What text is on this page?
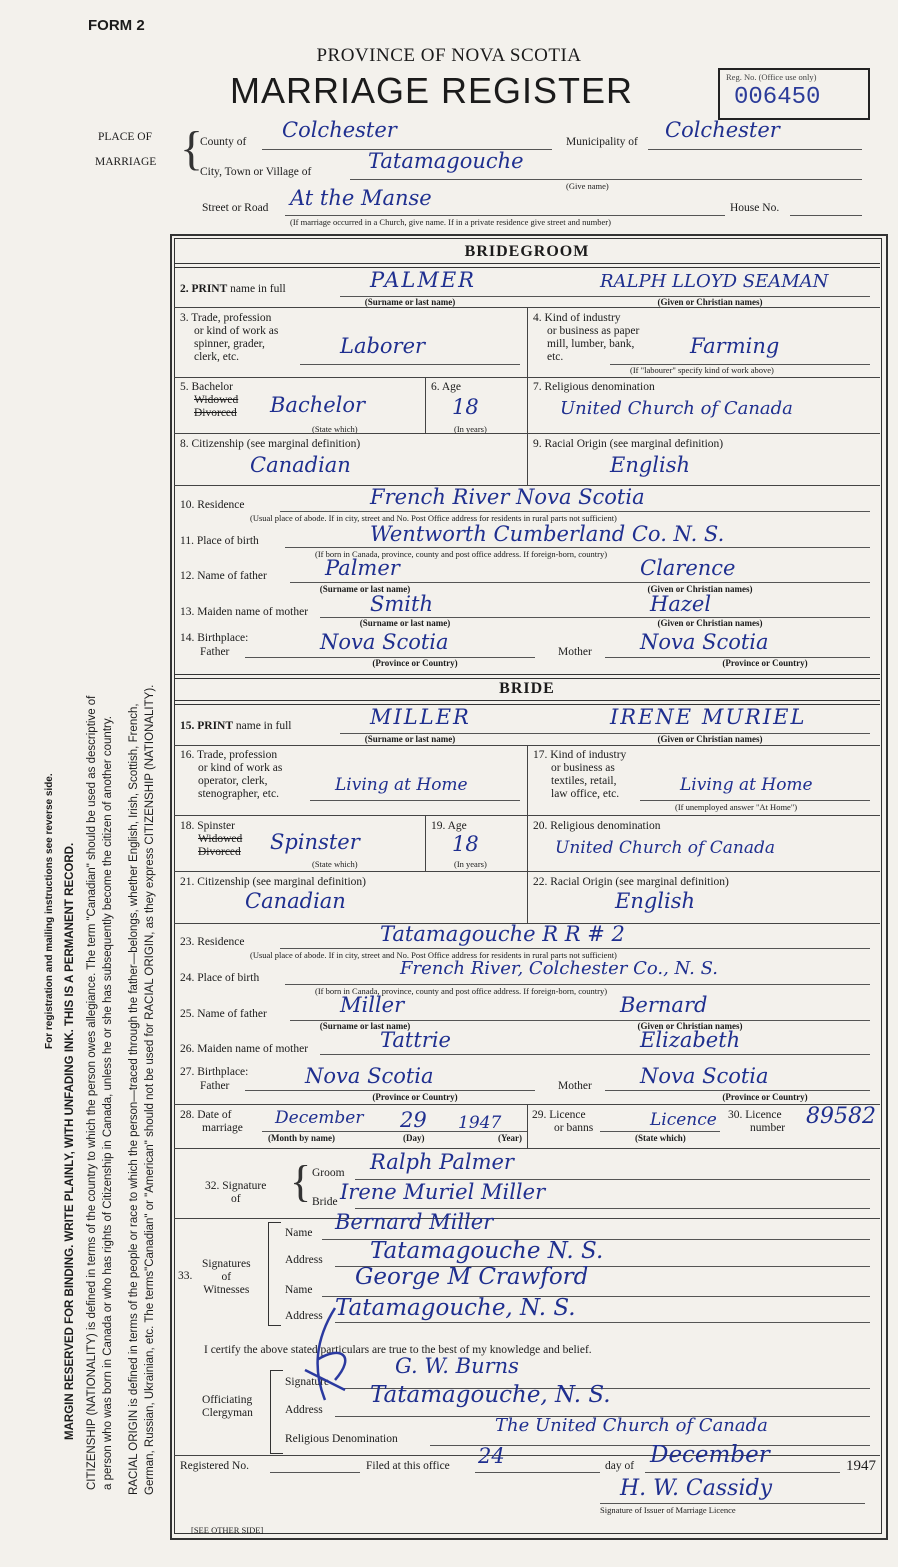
FORM 2
PROVINCE OF NOVA SCOTIA
MARRIAGE REGISTER	Reg. No. (Office use only)
006450
PLACE OF
MARRIAGE {
County of Colchester	Municipality of Colchester
City, Town or Village of	Tatamagouche
(Give name)
Street or Road At the Manse	House No.
(If marriage occurred in a Church, give name. If in a private residence give street and number)
For registration and mailing instructions see reverse side. MARGIN RESERVED FOR BINDING. WRITE PLAINLY, WITH UNFADING INK. THIS IS A PERMANENT RECORD. CITIZENSHIP (NATIONALITY) is defined in terms of the country to which the person owes allegiance. The term "Canadian" should be used as descriptive of a person who was born in Canada or who has rights of Citizenship in Canada, unless he or she has subsequently become the citizen of another country. RACIAL ORIGIN is defined in terms of the people or race to which the person—traced through the father—belongs, whether English, Irish, Scottish, French, German, Russian, Ukrainian, etc. The terms"Canadian" or "American" should not be used for RACIAL ORIGIN, as they express CITIZENSHIP (NATIONALITY).
BRIDEGROOM
2. PRINT name in full	PALMER	RALPH LLOYD SEAMAN
(Surname or last name)	(Given or Christian names)
3. Trade, profession
or kind of work as
spinner, grader,
clerk, etc.	Laborer
4. Kind of industry
or business as paper
mill, lumber, bank,
etc.	Farming
(If "labourer" specify kind of work above)
5. Bachelor
Widowed
Divorced Bachelor
(State which)
6. Age
18
(In years)
7. Religious denomination
United Church of Canada
8. Citizenship (see marginal definition)
Canadian
9. Racial Origin (see marginal definition)
English
10. Residence	French River Nova Scotia
(Usual place of abode. If in city, street and No. Post Office address for residents in rural parts not sufficient)
11. Place of birth	Wentworth Cumberland Co. N. S.
(If born in Canada, province, county and post office address. If foreign-born, country)
12. Name of father	Palmer	Clarence
(Surname or last name)	(Given or Christian names)
13. Maiden name of mother	Smith	Hazel
(Surname or last name)	(Given or Christian names)
14. Birthplace:
Father	Nova Scotia	Mother Nova Scotia
(Province or Country)	(Province or Country)
BRIDE
15. PRINT name in full	MILLER	IRENE MURIEL
(Surname or last name)	(Given or Christian names)
16. Trade, profession
or kind of work as
operator, clerk,
stenographer, etc.	Living at Home
17. Kind of industry
or business as
textiles, retail,
law office, etc.	Living at Home
(If unemployed answer "At Home")
18. Spinster
Widowed
Divorced Spinster
(State which)
19. Age
18
(In years)
20. Religious denomination
United Church of Canada
21. Citizenship (see marginal definition)
Canadian
22. Racial Origin (see marginal definition)
English
23. Residence	Tatamagouche R R # 2
(Usual place of abode. If in city, street and No. Post Office address for residents in rural parts not sufficient)
24. Place of birth	French River, Colchester Co., N. S.
(If born in Canada, province, county and post office address. If foreign-born, country)
25. Name of father	Miller	Bernard
(Surname or last name)	(Given or Christian names)
26. Maiden name of mother	Tattrie	Elizabeth
27. Birthplace:
Father	Nova Scotia	Mother Nova Scotia
(Province or Country)	(Province or Country)
28. Date of
marriage December 29 1947
(Month by name)	(Day)	(Year)
29. Licence
or banns	Licence
(State which)
30. Licence
number 89582
32. Signature
of	{ Groom Ralph Palmer
Bride Irene Muriel Miller
33.
Signatures
of
Witnesses
Name Bernard Miller
Address Tatamagouche N. S.
Name George M Crawford
Address Tatamagouche, N. S.
I certify the above stated particulars are true to the best of my knowledge and belief.
Officiating
Clergyman
Signature
G. W. Burns
Address
Tatamagouche, N. S.
Religious Denomination
The United Church of Canada
Registered No.	Filed at this office 24	day of December	1947
H. W. Cassidy
Signature of Issuer of Marriage Licence
[SEE OTHER SIDE]
